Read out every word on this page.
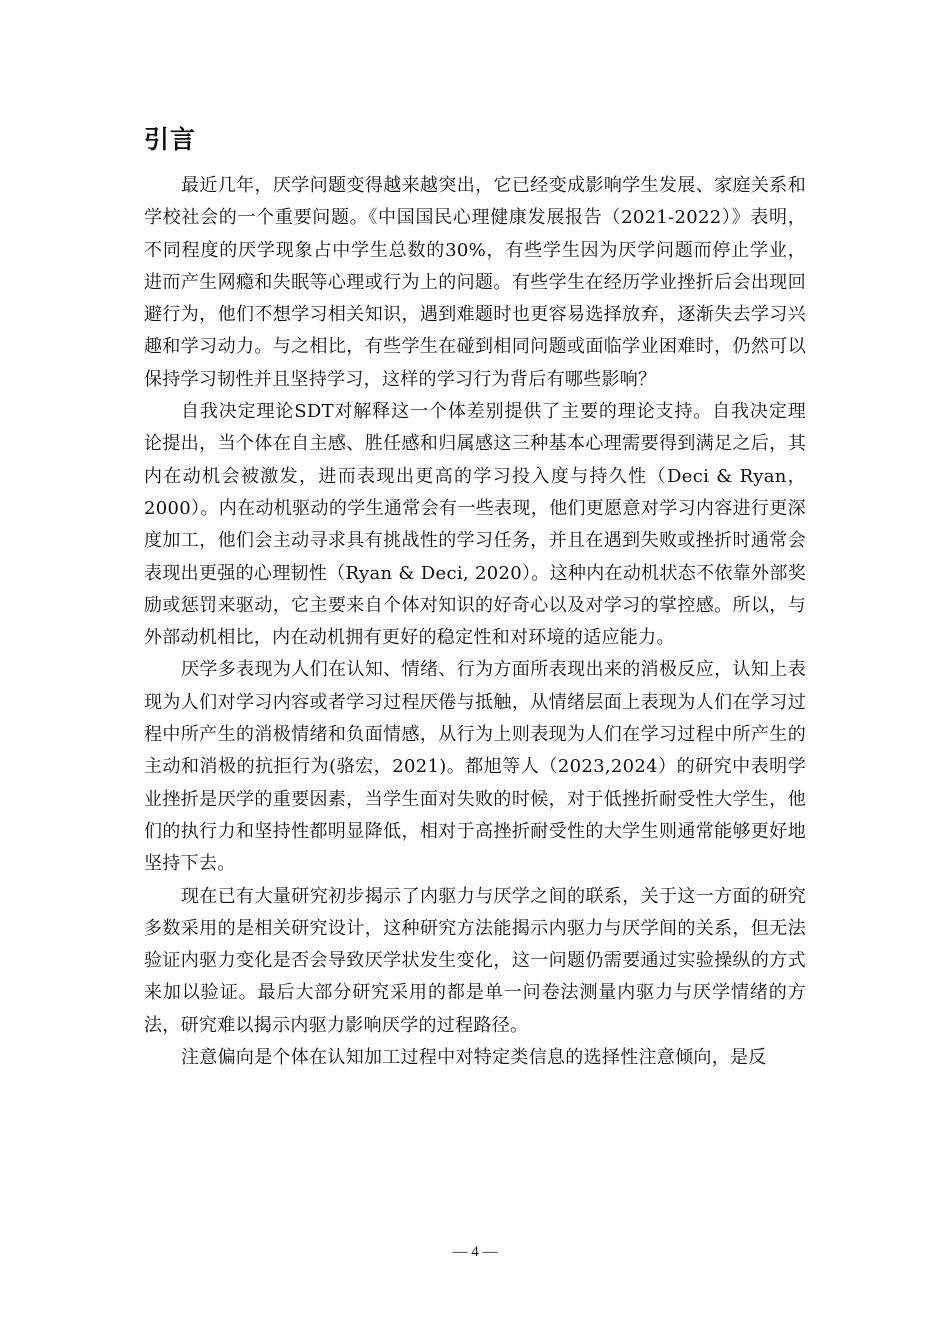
引言

最近几年，厌学问题变得越来越突出，它已经变成影响学生发展、家庭关系和学校社会的一个重要问题。《中国国民心理健康发展报告（2021-2022）》表明，不同程度的厌学现象占中学生总数的30%，有些学生因为厌学问题而停止学业，进而产生网瘾和失眠等心理或行为上的问题。有些学生在经历学业挫折后会出现回避行为，他们不想学习相关知识，遇到难题时也更容易选择放弃，逐渐失去学习兴趣和学习动力。与之相比，有些学生在碰到相同问题或面临学业困难时，仍然可以保持学习韧性并且坚持学习，这样的学习行为背后有哪些影响？

自我决定理论SDT对解释这一个体差别提供了主要的理论支持。自我决定理论提出，当个体在自主感、胜任感和归属感这三种基本心理需要得到满足之后，其内在动机会被激发，进而表现出更高的学习投入度与持久性（Deci & Ryan，2000）。内在动机驱动的学生通常会有一些表现，他们更愿意对学习内容进行更深度加工，他们会主动寻求具有挑战性的学习任务，并且在遇到失败或挫折时通常会表现出更强的心理韧性（Ryan & Deci, 2020）。这种内在动机状态不依靠外部奖励或惩罚来驱动，它主要来自个体对知识的好奇心以及对学习的掌控感。所以，与外部动机相比，内在动机拥有更好的稳定性和对环境的适应能力。

厌学多表现为人们在认知、情绪、行为方面所表现出来的消极反应，认知上表现为人们对学习内容或者学习过程厌倦与抵触，从情绪层面上表现为人们在学习过程中所产生的消极情绪和负面情感，从行为上则表现为人们在学习过程中所产生的主动和消极的抗拒行为(骆宏，2021)。都旭等人（2023,2024）的研究中表明学业挫折是厌学的重要因素，当学生面对失败的时候，对于低挫折耐受性大学生，他们的执行力和坚持性都明显降低，相对于高挫折耐受性的大学生则通常能够更好地坚持下去。

现在已有大量研究初步揭示了内驱力与厌学之间的联系，关于这一方面的研究多数采用的是相关研究设计，这种研究方法能揭示内驱力与厌学间的关系，但无法验证内驱力变化是否会导致厌学状发生变化，这一问题仍需要通过实验操纵的方式来加以验证。最后大部分研究采用的都是单一问卷法测量内驱力与厌学情绪的方法，研究难以揭示内驱力影响厌学的过程路径。

注意偏向是个体在认知加工过程中对特定类信息的选择性注意倾向，是反

— 4 —
